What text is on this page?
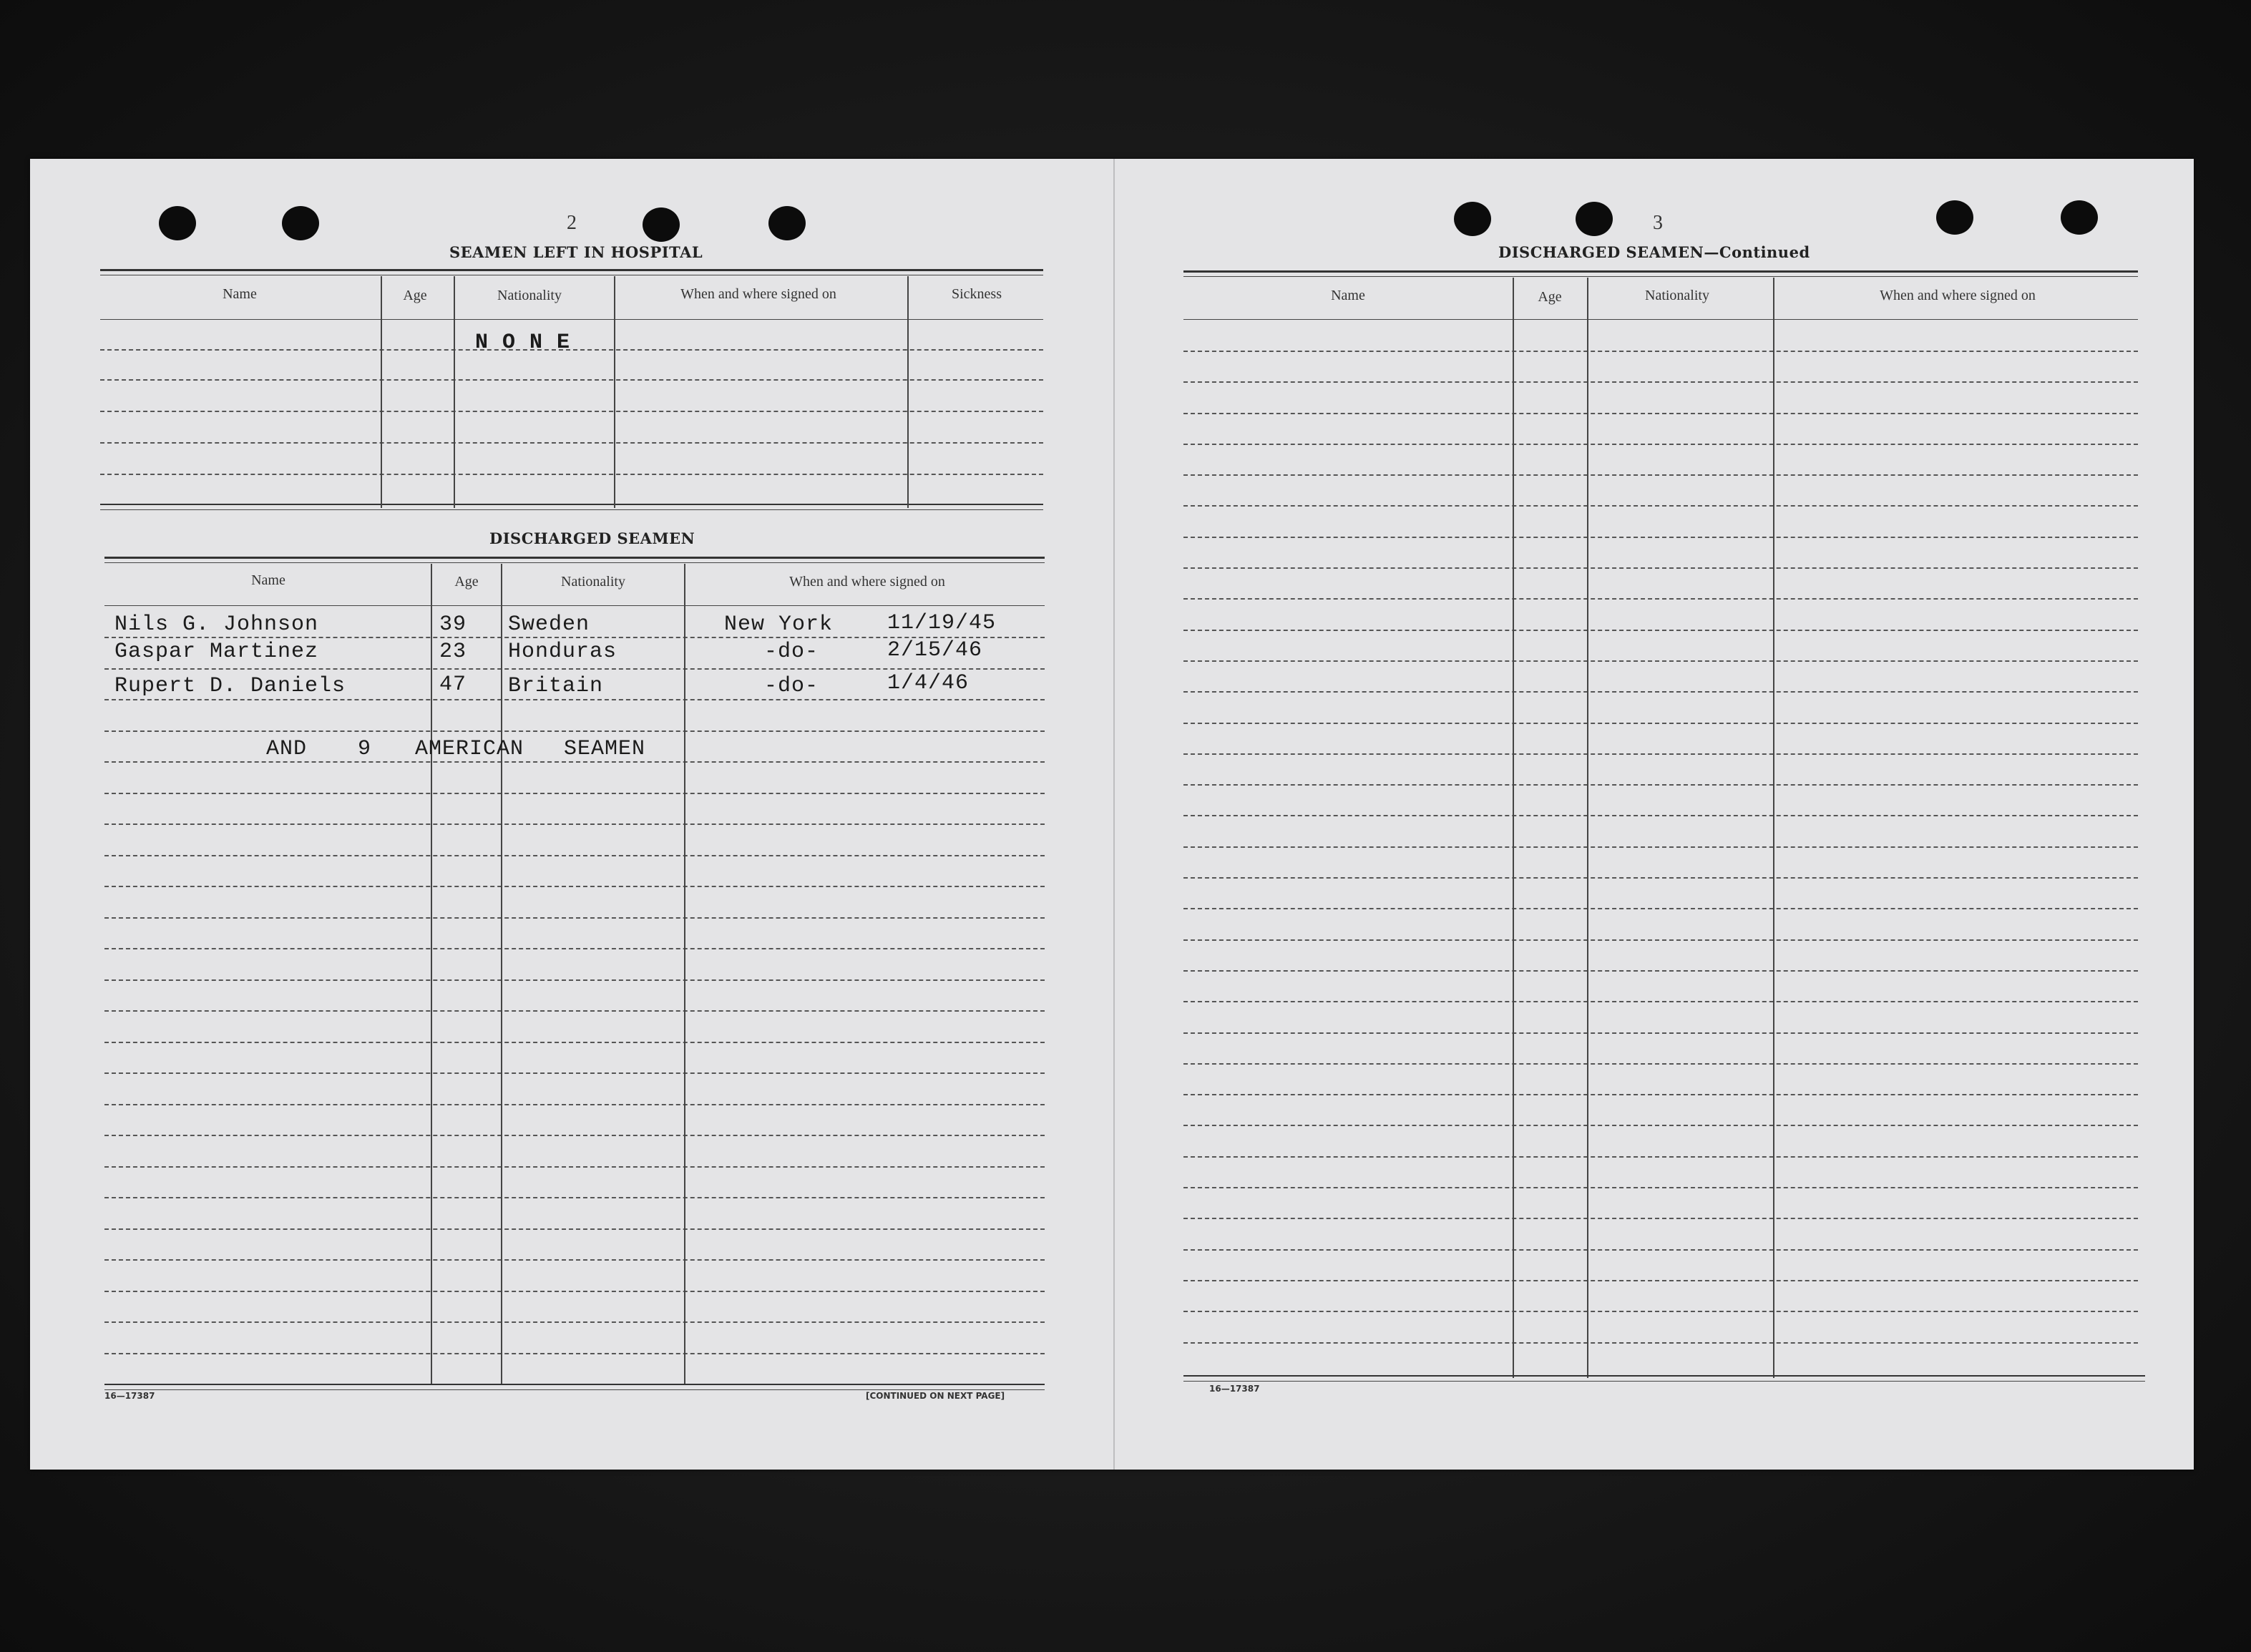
2
SEAMEN LEFT IN HOSPITAL
Name	Age	Nationality	When and where signed on	Sickness
N O N E
DISCHARGED SEAMEN
Name	Age	Nationality	When and where signed on
Nils G. Johnson	39 Sweden	New York	11/19/45
Gaspar Martinez	23 Honduras	-do-	2/15/46
Rupert D. Daniels	47 Britain	-do-	1/4/46
AND 9 AMERICAN SEAMEN
16—17387	[CONTINUED ON NEXT PAGE]
3
DISCHARGED SEAMEN—Continued
Name	Age	Nationality	When and where signed on
16—17387
